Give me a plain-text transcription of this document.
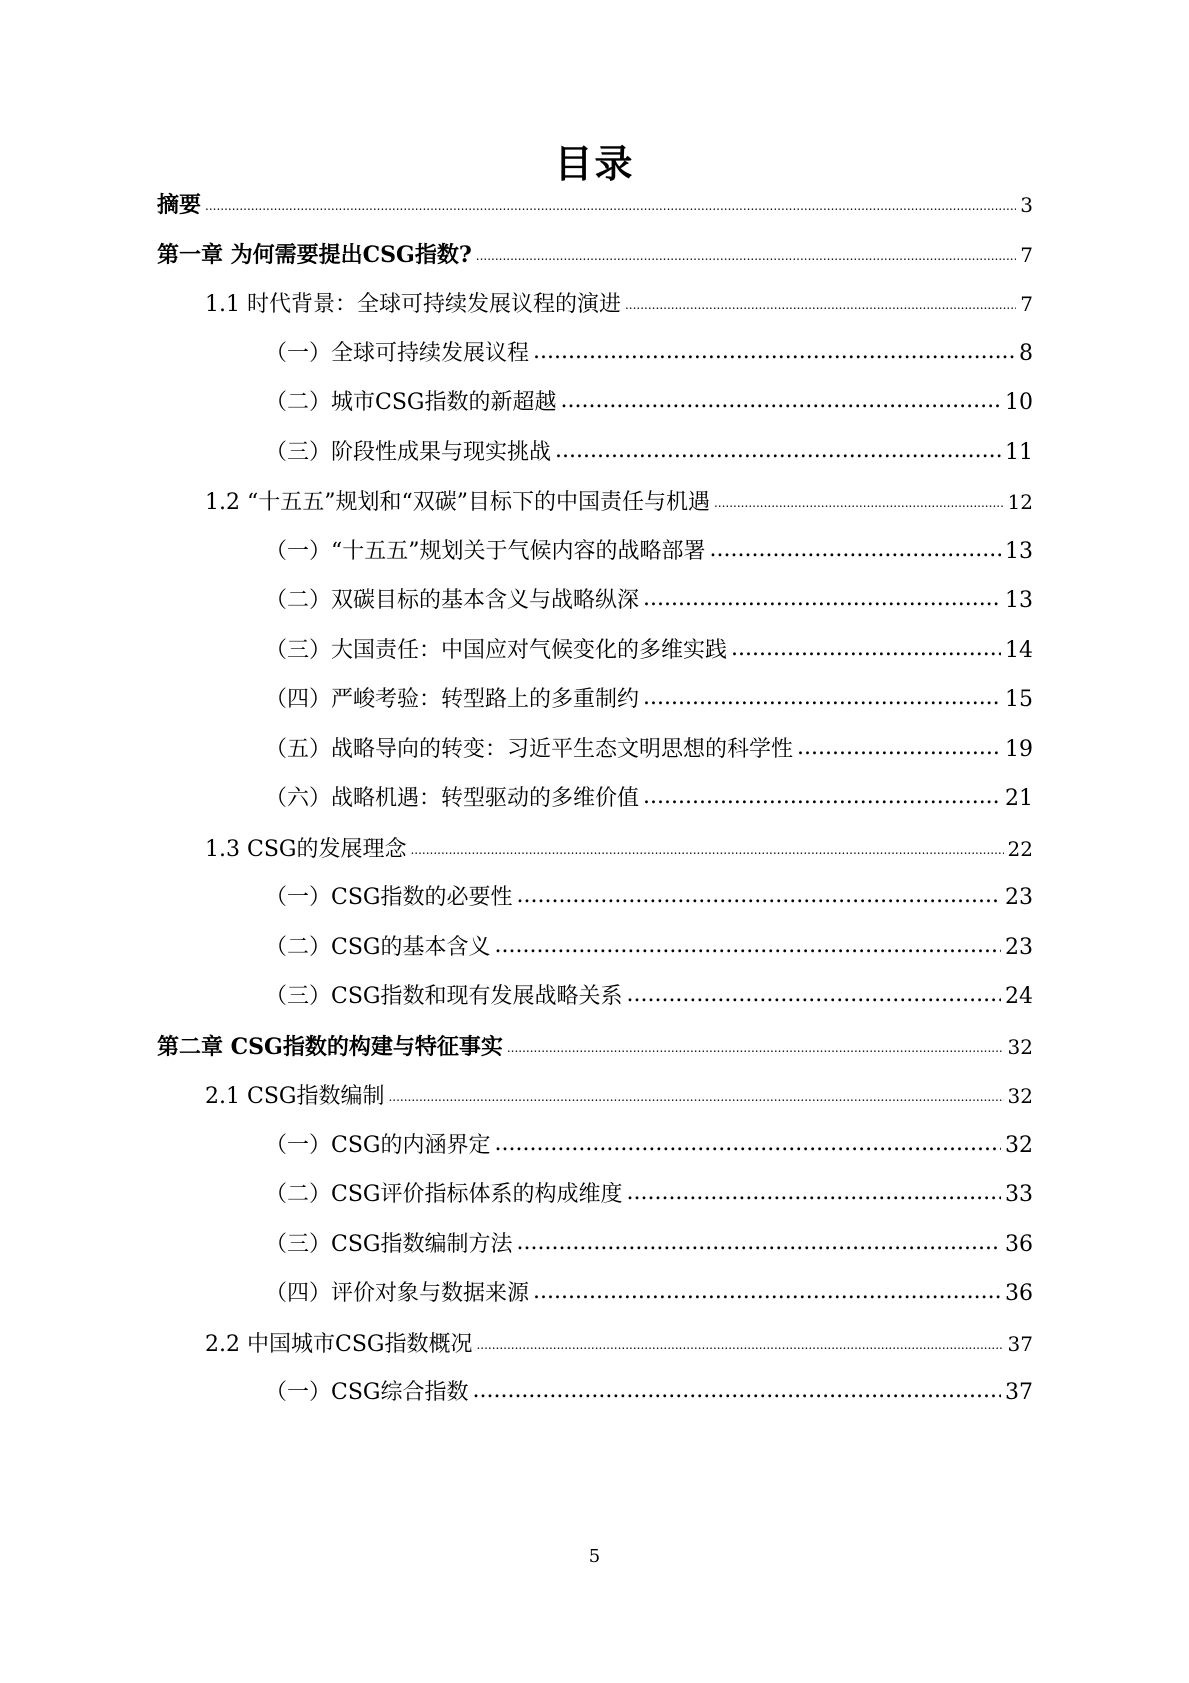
目录
摘要 .....	3
第一章 为何需要提出CSG指数? .....	7
1.1 时代背景：全球可持续发展议程的演进 .....	7
（一）全球可持续发展议程 .....	8
（二）城市CSG指数的新超越 .....	10
（三）阶段性成果与现实挑战 .....	11
1.2 “十五五”规划和“双碳”目标下的中国责任与机遇 .....	12
（一）“十五五”规划关于气候内容的战略部署 .....	13
（二）双碳目标的基本含义与战略纵深 .....	13
（三）大国责任：中国应对气候变化的多维实践 .....	14
（四）严峻考验：转型路上的多重制约 .....	15
（五）战略导向的转变：习近平生态文明思想的科学性 .....	19
（六）战略机遇：转型驱动的多维价值 .....	21
1.3 CSG的发展理念 .....	22
（一）CSG指数的必要性 .....	23
（二）CSG的基本含义 .....	23
（三）CSG指数和现有发展战略关系 .....	24
第二章 CSG指数的构建与特征事实 .....	32
2.1 CSG指数编制 .....	32
（一）CSG的内涵界定 .....	32
（二）CSG评价指标体系的构成维度 .....	33
（三）CSG指数编制方法 .....	36
（四）评价对象与数据来源 .....	36
2.2 中国城市CSG指数概况 .....	37
（一）CSG综合指数 .....	37
5
